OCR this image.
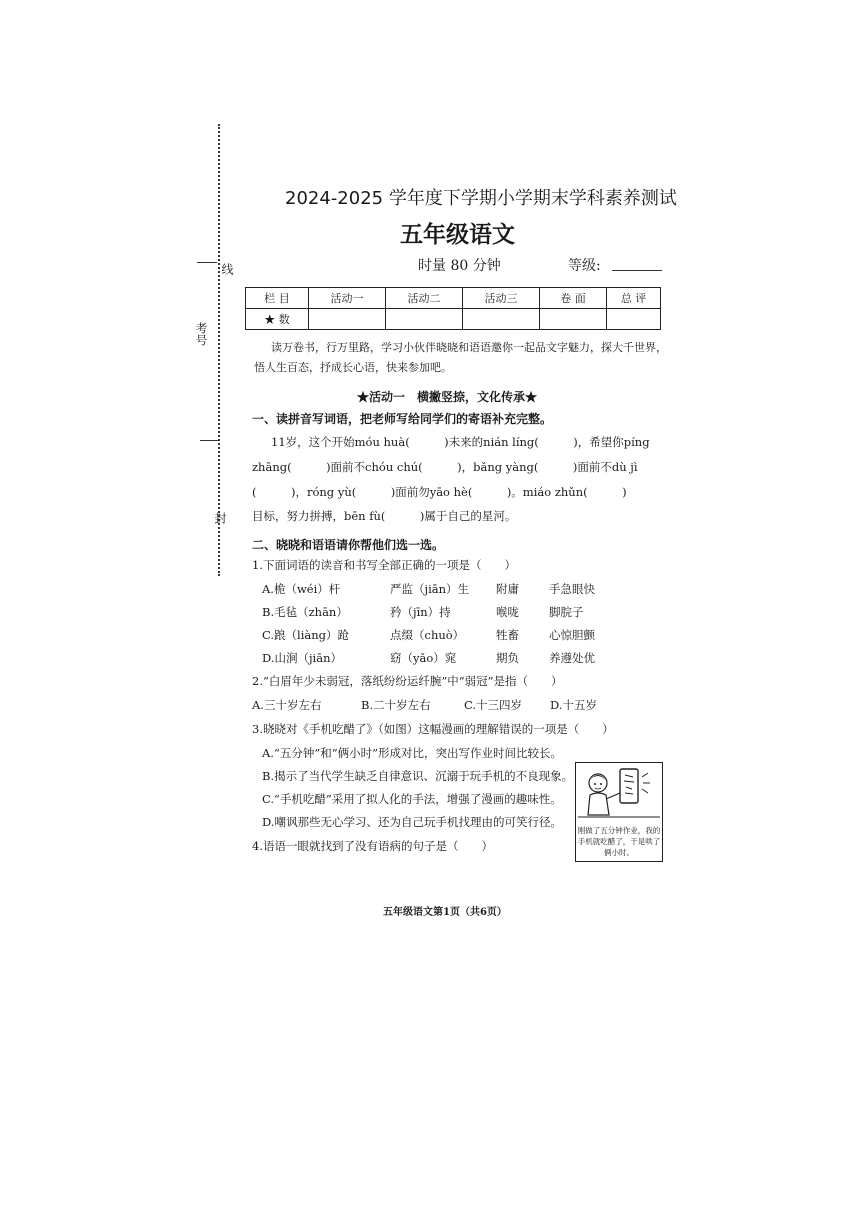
线
考号
封
2024-2025 学年度下学期小学期末学科素养测试
五年级语文
时量 80 分钟	等级:
栏 目	活动一	活动二	活动三	卷 面	总 评
★ 数					
读万卷书，行万里路，学习小伙伴晓晓和语语邀你一起品文字魅力，探大千世界，
悟人生百态，抒成长心语，快来参加吧。
★活动一　横撇竖捺，文化传承★
一、读拼音写词语，把老师写给同学们的寄语补充完整。
11岁，这个开始móu huà(　　　)未来的nián líng(　　　)，希望你píng
zhāng(　　　)面前不chóu chú(　　　)，bǎng yàng(　　　)面前不dù jì
(　　　)，róng yù(　　　)面前勿yāo hè(　　　)。miáo zhǔn(　　　)
目标，努力拼搏，bēn fù(　　　)属于自己的星河。
二、晓晓和语语请你帮他们选一选。
1.下面词语的读音和书写全部正确的一项是（　　）
A.桅（wéi）杆	严监（jiān）生 附庸	手急眼快
B.毛毡（zhān）	矜（jīn）持	喉咙	脚脘子
C.踉（liàng）跄	点缀（chuò）	牲畜	心惊胆颤
D.山涧（jiān）	窈（yǎo）窕	期负	养遵处优
2.“白眉年少未弱冠，落纸纷纷运纤腕”中“弱冠”是指（　　）
A.三十岁左右	B.二十岁左右	C.十三四岁 D.十五岁
3.晓晓对《手机吃醋了》（如图）这幅漫画的理解错误的一项是（　　）
A.“五分钟”和“俩小时”形成对比，突出写作业时间比较长。
B.揭示了当代学生缺乏自律意识、沉溺于玩手机的不良现象。
C.“手机吃醋”采用了拟人化的手法，增强了漫画的趣味性。
D.嘲讽那些无心学习、还为自己玩手机找理由的可笑行径。
刚做了五分钟作业，我的手机就吃醋了，于是哄了俩小时。
4.语语一眼就找到了没有语病的句子是（　　）
五年级语文第1页（共6页）
